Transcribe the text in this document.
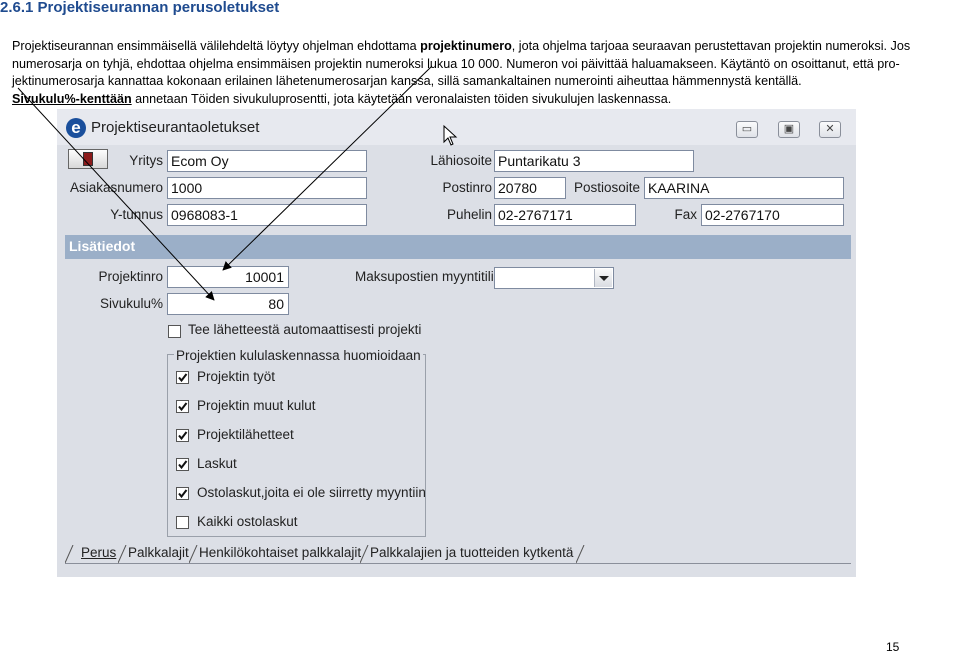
2.6.1 Projektiseurannan perusoletukset
Projektiseurannan ensimmäisellä välilehdeltä löytyy ohjelman ehdottama projektinumero, jota ohjelma tarjoaa seuraavan perustettavan projektin numeroksi. Jos
numerosarja on tyhjä, ehdottaa ohjelma ensimmäisen projektin numeroksi lukua 10 000. Numeron voi päivittää haluamakseen. Käytäntö on osoittanut, että pro-
jektinumerosarja kannattaa kokonaan erilainen lähetenumerosarjan kanssa, sillä samankaltainen numerointi aiheuttaa hämmennystä kentällä.
Sivukulu%-kenttään annetaan Töiden sivukuluprosentti, jota käytetään veronalaisten töiden sivukulujen laskennassa.
e Projektiseurantaoletukset	▭	▣	✕
Yritys Ecom Oy
Asiakasnumero 1000
Y-tunnus 0968083-1
Lähiosoite Puntarikatu 3
Postinro 20780	Postiosoite KAARINA
Puhelin 02-2767171	Fax 02-2767170
Lisätiedot
Projektinro	10001
Sivukulu%	80
Maksupostien myyntitili
Tee lähetteestä automaattisesti projekti
Projektien kululaskennassa huomioidaan
Projektin työt
Projektin muut kulut
Projektilähetteet
Laskut
Ostolaskut,joita ei ole siirretty myyntiin
Kaikki ostolaskut
Perus Palkkalajit Henkilökohtaiset palkkalajit Palkkalajien ja tuotteiden kytkentä
15
